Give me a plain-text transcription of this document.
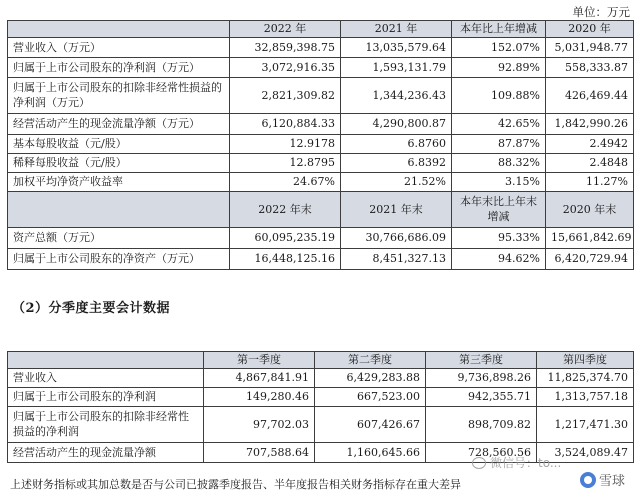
单位：万元
	2022 年	2021 年	本年比上年增减	2020 年
营业收入（万元）	32,859,398.75	13,035,579.64	152.07%	5,031,948.77
归属于上市公司股东的净利润（万元）	3,072,916.35	1,593,131.79	92.89%	558,333.87
归属于上市公司股东的扣除非经常性损益的净利润（万元）	2,821,309.82	1,344,236.43	109.88%	426,469.44
经营活动产生的现金流量净额（万元）	6,120,884.33	4,290,800.87	42.65%	1,842,990.26
基本每股收益（元/股）	12.9178	6.8760	87.87%	2.4942
稀释每股收益（元/股）	12.8795	6.8392	88.32%	2.4848
加权平均净资产收益率	24.67%	21.52%	3.15%	11.27%
	2022 年末	2021 年末	本年末比上年末增减	2020 年末
资产总额（万元）	60,095,235.19	30,766,686.09	95.33%	15,661,842.69
归属于上市公司股东的净资产（万元）	16,448,125.16	8,451,327.13	94.62%	6,420,729.94
（2）分季度主要会计数据
	第一季度	第二季度	第三季度	第四季度
营业收入	4,867,841.91	6,429,283.88	9,736,898.26	11,825,374.70
归属于上市公司股东的净利润	149,280.46	667,523.00	942,355.71	1,313,757.18
归属于上市公司股东的扣除非经常性损益的净利润	97,702.03	607,426.67	898,709.82	1,217,471.30
经营活动产生的现金流量净额	707,588.64	1,160,645.66	728,560.56	3,524,089.47
微信号：to...
上述财务指标或其加总数是否与公司已披露季度报告、半年度报告相关财务指标存在重大差异	雪球
